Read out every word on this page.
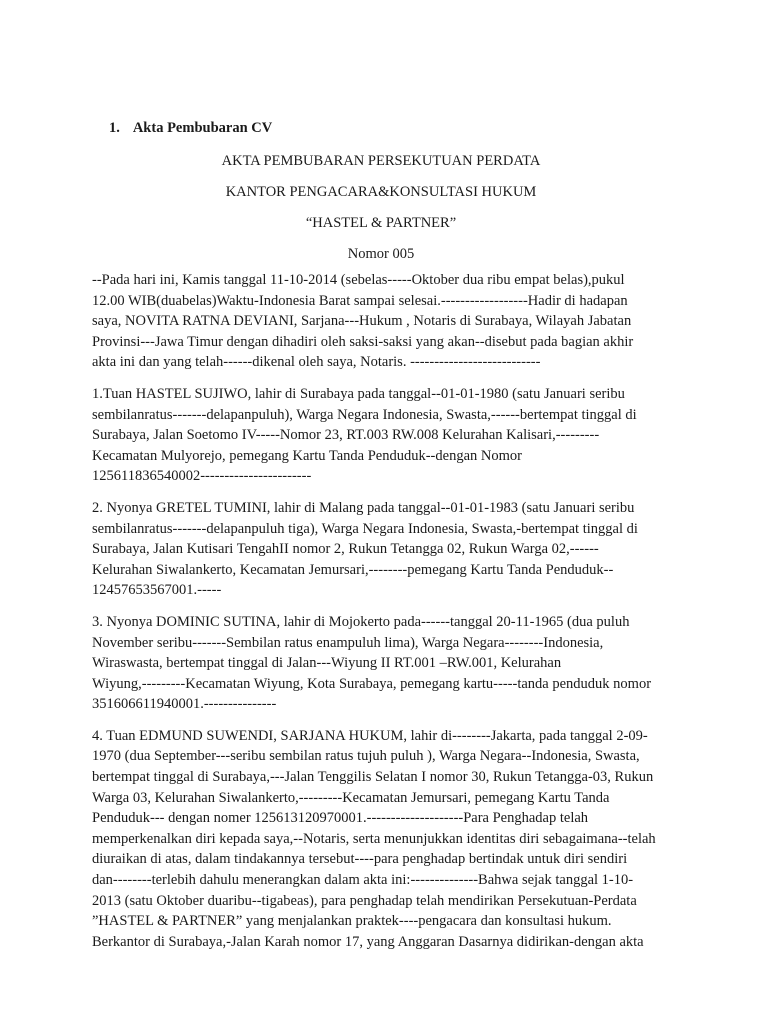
1. Akta Pembubaran CV
AKTA PEMBUBARAN PERSEKUTUAN PERDATA
KANTOR PENGACARA&KONSULTASI HUKUM
“HASTEL & PARTNER”
Nomor 005
--Pada hari ini, Kamis tanggal 11-10-2014 (sebelas-----Oktober dua ribu empat belas),pukul
12.00 WIB(duabelas)Waktu-Indonesia Barat sampai selesai.------------------Hadir di hadapan
saya, NOVITA RATNA DEVIANI, Sarjana---Hukum , Notaris di Surabaya, Wilayah Jabatan
Provinsi---Jawa Timur dengan dihadiri oleh saksi-saksi yang akan--disebut pada bagian akhir
akta ini dan yang telah------dikenal oleh saya, Notaris. ---------------------------
1.Tuan HASTEL SUJIWO, lahir di Surabaya pada tanggal--01-01-1980 (satu Januari seribu
sembilanratus-------delapanpuluh), Warga Negara Indonesia, Swasta,------bertempat tinggal di
Surabaya, Jalan Soetomo IV-----Nomor 23, RT.003 RW.008 Kelurahan Kalisari,---------
Kecamatan Mulyorejo, pemegang Kartu Tanda Penduduk--dengan Nomor
125611836540002-----------------------
2. Nyonya GRETEL TUMINI, lahir di Malang pada tanggal--01-01-1983 (satu Januari seribu
sembilanratus-------delapanpuluh tiga), Warga Negara Indonesia, Swasta,-bertempat tinggal di
Surabaya, Jalan Kutisari TengahII nomor 2, Rukun Tetangga 02, Rukun Warga 02,------
Kelurahan Siwalankerto, Kecamatan Jemursari,--------pemegang Kartu Tanda Penduduk--
12457653567001.-----
3. Nyonya DOMINIC SUTINA, lahir di Mojokerto pada------tanggal 20-11-1965 (dua puluh
November seribu-------Sembilan ratus enampuluh lima), Warga Negara--------Indonesia,
Wiraswasta, bertempat tinggal di Jalan---Wiyung II RT.001 –RW.001, Kelurahan
Wiyung,---------Kecamatan Wiyung, Kota Surabaya, pemegang kartu-----tanda penduduk nomor
351606611940001.---------------
4. Tuan EDMUND SUWENDI, SARJANA HUKUM, lahir di--------Jakarta, pada tanggal 2-09-
1970 (dua September---seribu sembilan ratus tujuh puluh ), Warga Negara--Indonesia, Swasta,
bertempat tinggal di Surabaya,---Jalan Tenggilis Selatan I nomor 30, Rukun Tetangga-03, Rukun
Warga 03, Kelurahan Siwalankerto,---------Kecamatan Jemursari, pemegang Kartu Tanda
Penduduk--- dengan nomer 125613120970001.--------------------Para Penghadap telah
memperkenalkan diri kepada saya,--Notaris, serta menunjukkan identitas diri sebagaimana--telah
diuraikan di atas, dalam tindakannya tersebut----para penghadap bertindak untuk diri sendiri
dan--------terlebih dahulu menerangkan dalam akta ini:--------------Bahwa sejak tanggal 1-10-
2013 (satu Oktober duaribu--tigabeas), para penghadap telah mendirikan Persekutuan-Perdata
”HASTEL & PARTNER” yang menjalankan praktek----pengacara dan konsultasi hukum.
Berkantor di Surabaya,-Jalan Karah nomor 17, yang Anggaran Dasarnya didirikan-dengan akta
